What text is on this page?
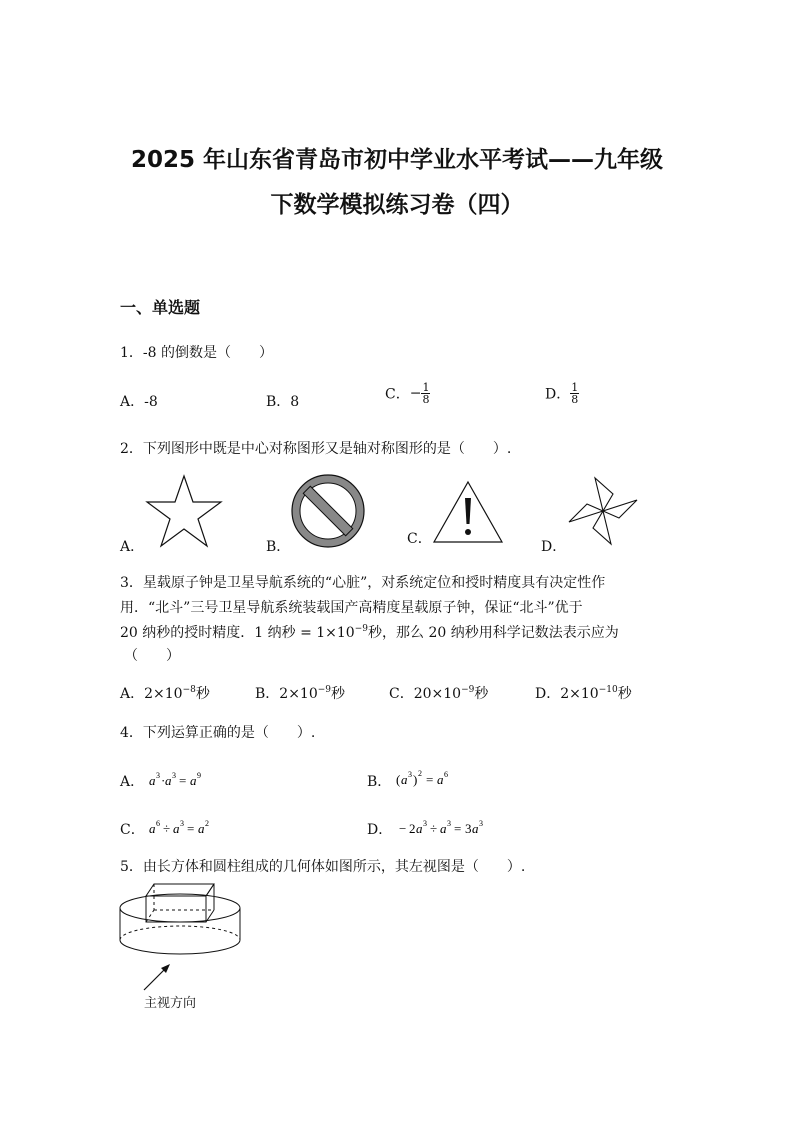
2025 年山东省青岛市初中学业水平考试——九年级
下数学模拟练习卷（四）
一、单选题
1．-8 的倒数是（　　）
A．-8	B．8	C．− $\frac{1}{8}$	D． $\frac{1}{8}$
2．下列图形中既是中心对称图形又是轴对称图形的是（　　）.
A．	B．	C．	D．
3．星载原子钟是卫星导航系统的“心脏”，对系统定位和授时精度具有决定性作
用．“北斗”三号卫星导航系统装载国产高精度星载原子钟，保证“北斗”优于
20 纳秒的授时精度．1 纳秒 = $1\times 10^{-9}$秒，那么 20 纳秒用科学记数法表示应为
（　　）
A．$2\times 10^{-8}$秒	B．$2\times 10^{-9}$秒	C．$20\times 10^{-9}$秒	D．$2\times 10^{-10}$秒
4．下列运算正确的是（　　）.
A． a 3 · a 3 = a 9	B． ( a 3 ) 2 = a 6
C． a 6 ÷ a 3 = a 2	D． − 2 a 3 ÷ a 3 = 3 a 3
5．由长方体和圆柱组成的几何体如图所示，其左视图是（　　）.
主视方向
